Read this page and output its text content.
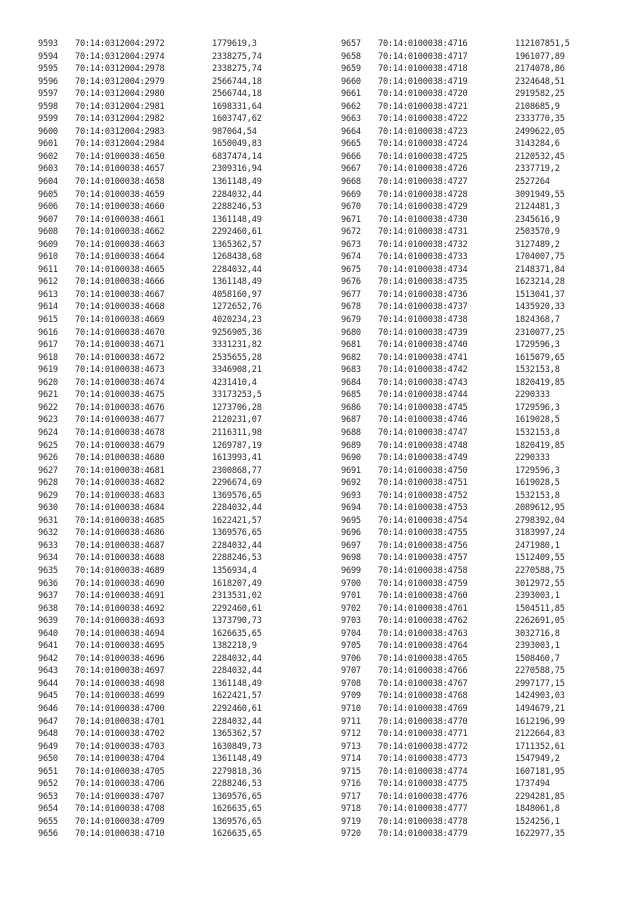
9593 70:14:0312004:2972	1779619,3
9594 70:14:0312004:2974	2338275,74
9595 70:14:0312004:2978	2338275,74
9596 70:14:0312004:2979	2566744,18
9597 70:14:0312004:2980	2566744,18
9598 70:14:0312004:2981	1698331,64
9599 70:14:0312004:2982	1603747,62
9600 70:14:0312004:2983	987064,54
9601 70:14:0312004:2984	1650049,83
9602 70:14:0100038:4650	6837474,14
9603 70:14:0100038:4657	2309316,94
9604 70:14:0100038:4658	1361148,49
9605 70:14:0100038:4659	2284032,44
9606 70:14:0100038:4660	2288246,53
9607 70:14:0100038:4661	1361148,49
9608 70:14:0100038:4662	2292460,61
9609 70:14:0100038:4663	1365362,57
9610 70:14:0100038:4664	1268438,68
9611 70:14:0100038:4665	2284032,44
9612 70:14:0100038:4666	1361148,49
9613 70:14:0100038:4667	4058160,97
9614 70:14:0100038:4668	1272652,76
9615 70:14:0100038:4669	4020234,23
9616 70:14:0100038:4670	9256905,36
9617 70:14:0100038:4671	3331231,82
9618 70:14:0100038:4672	2535655,28
9619 70:14:0100038:4673	3346908,21
9620 70:14:0100038:4674	4231410,4
9621 70:14:0100038:4675	33173253,5
9622 70:14:0100038:4676	1273706,28
9623 70:14:0100038:4677	2120231,07
9624 70:14:0100038:4678	2116311,98
9625 70:14:0100038:4679	1269787,19
9626 70:14:0100038:4680	1613993,41
9627 70:14:0100038:4681	2300868,77
9628 70:14:0100038:4682	2296674,69
9629 70:14:0100038:4683	1369576,65
9630 70:14:0100038:4684	2284032,44
9631 70:14:0100038:4685	1622421,57
9632 70:14:0100038:4686	1369576,65
9633 70:14:0100038:4687	2284032,44
9634 70:14:0100038:4688	2288246,53
9635 70:14:0100038:4689	1356934,4
9636 70:14:0100038:4690	1618207,49
9637 70:14:0100038:4691	2313531,02
9638 70:14:0100038:4692	2292460,61
9639 70:14:0100038:4693	1373790,73
9640 70:14:0100038:4694	1626635,65
9641 70:14:0100038:4695	1382218,9
9642 70:14:0100038:4696	2284032,44
9643 70:14:0100038:4697	2284032,44
9644 70:14:0100038:4698	1361148,49
9645 70:14:0100038:4699	1622421,57
9646 70:14:0100038:4700	2292460,61
9647 70:14:0100038:4701	2284032,44
9648 70:14:0100038:4702	1365362,57
9649 70:14:0100038:4703	1630849,73
9650 70:14:0100038:4704	1361148,49
9651 70:14:0100038:4705	2279818,36
9652 70:14:0100038:4706	2288246,53
9653 70:14:0100038:4707	1369576,65
9654 70:14:0100038:4708	1626635,65
9655 70:14:0100038:4709	1369576,65
9656 70:14:0100038:4710	1626635,65
9657 70:14:0100038:4716	112107851,5
9658 70:14:0100038:4717	1961077,89
9659 70:14:0100038:4718	2174078,86
9660 70:14:0100038:4719	2324648,51
9661 70:14:0100038:4720	2919582,25
9662 70:14:0100038:4721	2108685,9
9663 70:14:0100038:4722	2333770,35
9664 70:14:0100038:4723	2499622,05
9665 70:14:0100038:4724	3143284,6
9666 70:14:0100038:4725	2120532,45
9667 70:14:0100038:4726	2337719,2
9668 70:14:0100038:4727	2527264
9669 70:14:0100038:4728	3091949,55
9670 70:14:0100038:4729	2124481,3
9671 70:14:0100038:4730	2345616,9
9672 70:14:0100038:4731	2503570,9
9673 70:14:0100038:4732	3127489,2
9674 70:14:0100038:4733	1704007,75
9675 70:14:0100038:4734	2148371,84
9676 70:14:0100038:4735	1623214,28
9677 70:14:0100038:4736	1513041,37
9678 70:14:0100038:4737	1435920,33
9679 70:14:0100038:4738	1824368,7
9680 70:14:0100038:4739	2310077,25
9681 70:14:0100038:4740	1729596,3
9682 70:14:0100038:4741	1615079,65
9683 70:14:0100038:4742	1532153,8
9684 70:14:0100038:4743	1820419,85
9685 70:14:0100038:4744	2290333
9686 70:14:0100038:4745	1729596,3
9687 70:14:0100038:4746	1619028,5
9688 70:14:0100038:4747	1532153,8
9689 70:14:0100038:4748	1820419,85
9690 70:14:0100038:4749	2290333
9691 70:14:0100038:4750	1729596,3
9692 70:14:0100038:4751	1619028,5
9693 70:14:0100038:4752	1532153,8
9694 70:14:0100038:4753	2089612,95
9695 70:14:0100038:4754	2798392,04
9696 70:14:0100038:4755	3183997,24
9697 70:14:0100038:4756	2471980,1
9698 70:14:0100038:4757	1512409,55
9699 70:14:0100038:4758	2270588,75
9700 70:14:0100038:4759	3012972,55
9701 70:14:0100038:4760	2393003,1
9702 70:14:0100038:4761	1504511,85
9703 70:14:0100038:4762	2262691,05
9704 70:14:0100038:4763	3032716,8
9705 70:14:0100038:4764	2393003,1
9706 70:14:0100038:4765	1508460,7
9707 70:14:0100038:4766	2270588,75
9708 70:14:0100038:4767	2997177,15
9709 70:14:0100038:4768	1424903,03
9710 70:14:0100038:4769	1494679,21
9711 70:14:0100038:4770	1612196,99
9712 70:14:0100038:4771	2122664,83
9713 70:14:0100038:4772	1711352,61
9714 70:14:0100038:4773	1547949,2
9715 70:14:0100038:4774	1607181,95
9716 70:14:0100038:4775	1737494
9717 70:14:0100038:4776	2294281,85
9718 70:14:0100038:4777	1848061,8
9719 70:14:0100038:4778	1524256,1
9720 70:14:0100038:4779	1622977,35
